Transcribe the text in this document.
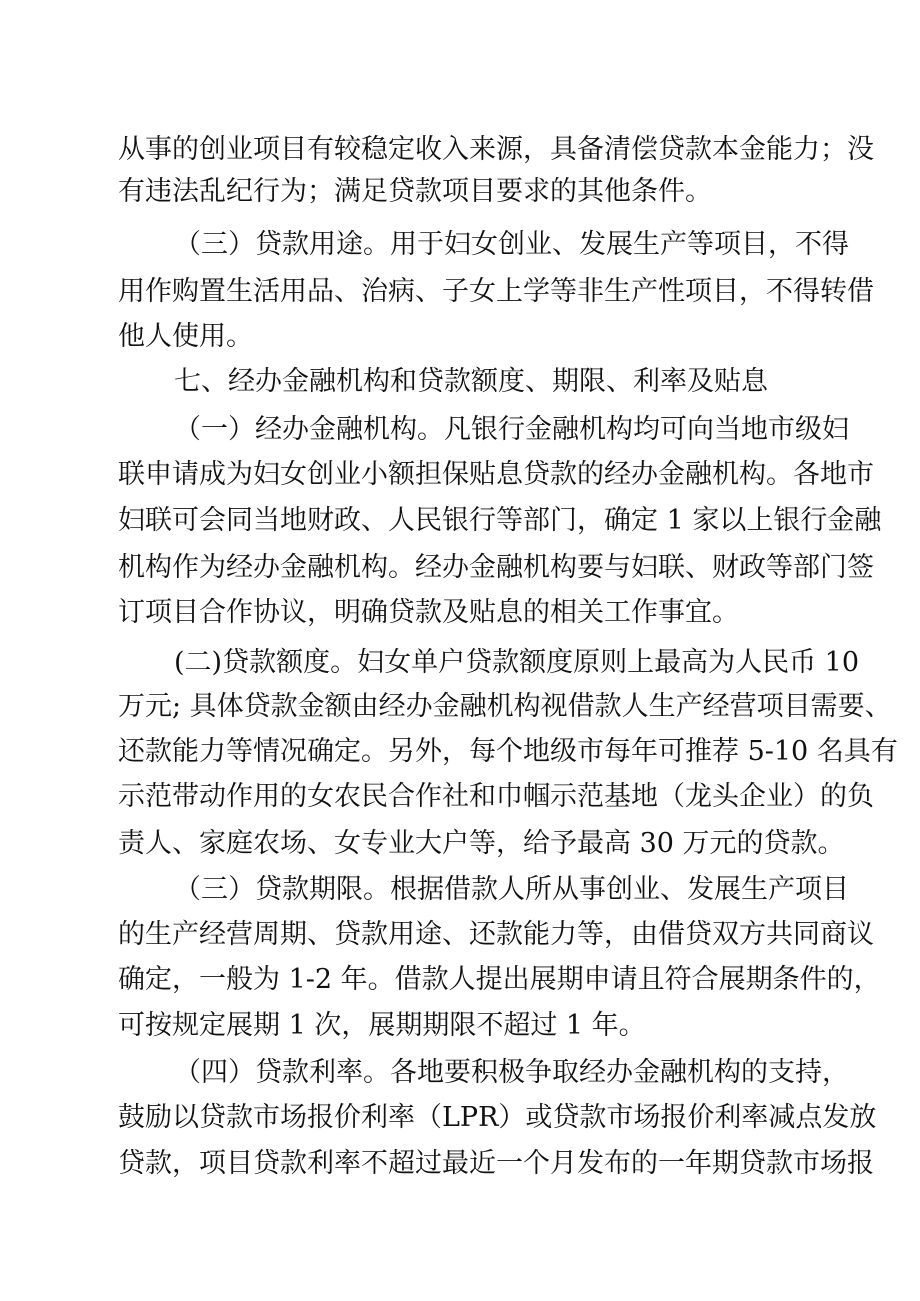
从事的创业项目有较稳定收入来源，具备清偿贷款本金能力；没
有违法乱纪行为；满足贷款项目要求的其他条件。
（三）贷款用途。用于妇女创业、发展生产等项目，不得
用作购置生活用品、治病、子女上学等非生产性项目，不得转借
他人使用。
七、经办金融机构和贷款额度、期限、利率及贴息
（一）经办金融机构。凡银行金融机构均可向当地市级妇
联申请成为妇女创业小额担保贴息贷款的经办金融机构。各地市
妇联可会同当地财政、人民银行等部门，确定 1 家以上银行金融
机构作为经办金融机构。经办金融机构要与妇联、财政等部门签
订项目合作协议，明确贷款及贴息的相关工作事宜。
(二)贷款额度。妇女单户贷款额度原则上最高为人民币 10
万元; 具体贷款金额由经办金融机构视借款人生产经营项目需要、
还款能力等情况确定。另外，每个地级市每年可推荐 5-10 名具有
示范带动作用的女农民合作社和巾帼示范基地（龙头企业）的负
责人、家庭农场、女专业大户等，给予最高 30 万元的贷款。
（三）贷款期限。根据借款人所从事创业、发展生产项目
的生产经营周期、贷款用途、还款能力等，由借贷双方共同商议
确定，一般为 1-2 年。借款人提出展期申请且符合展期条件的，
可按规定展期 1 次，展期期限不超过 1 年。
（四）贷款利率。各地要积极争取经办金融机构的支持，
鼓励以贷款市场报价利率（LPR）或贷款市场报价利率减点发放
贷款，项目贷款利率不超过最近一个月发布的一年期贷款市场报
